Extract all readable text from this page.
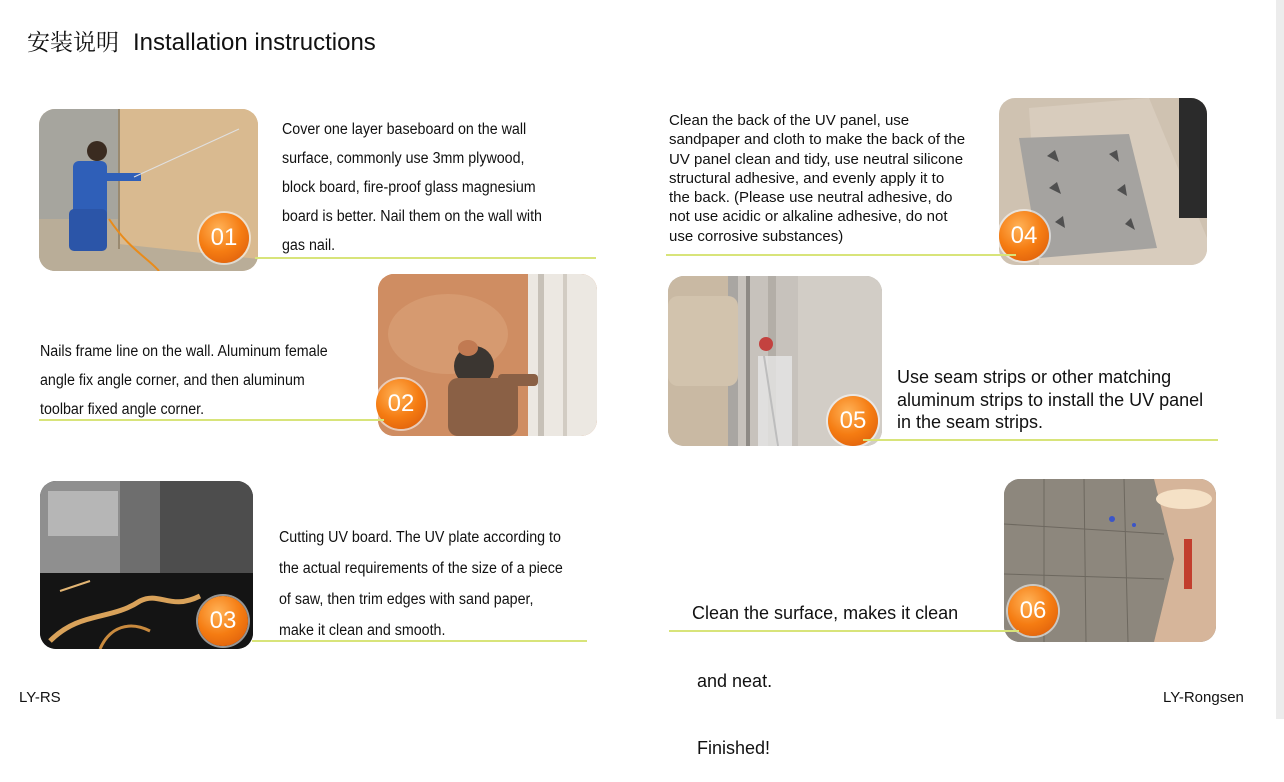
安装说明 Installation instructions
01
Cover one layer baseboard on the wall
surface, commonly use 3mm plywood,
block board, fire-proof glass magnesium
board is better. Nail them on the wall with
gas nail.
02
Nails frame line on the wall. Aluminum female
angle fix angle corner, and then aluminum
toolbar fixed angle corner.
03
Cutting UV board. The UV plate according to
the actual requirements of the size of a piece
of saw, then trim edges with sand paper,
make it clean and smooth.
04
Clean the back of the UV panel, use
sandpaper and cloth to make the back of the
UV panel clean and tidy, use neutral silicone
structural adhesive, and evenly apply it to
the back. (Please use neutral adhesive, do
not use acidic or alkaline adhesive, do not
use corrosive substances)
05
Use seam strips or other matching
aluminum strips to install the UV panel
in the seam strips.
06

Clean the surface, makes it clean

and neat.

Finished!

LY-RS	LY-Rongsen
